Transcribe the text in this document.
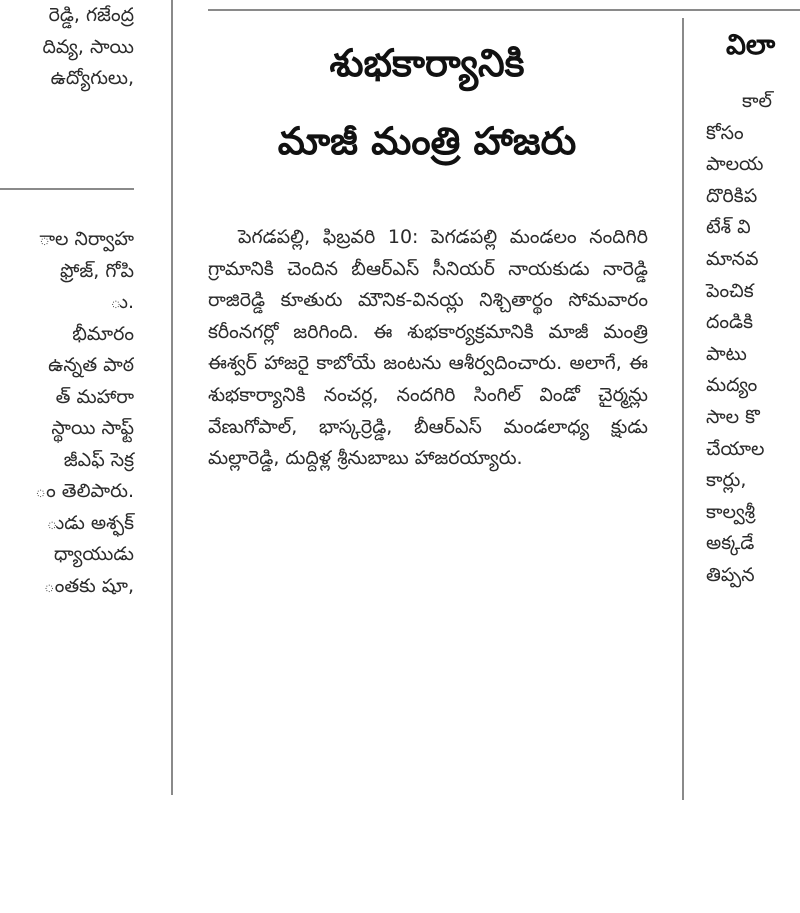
రెడ్డి, గజేంద్ర
దివ్య, సాయి
ఉద్యోగులు,
ాల నిర్వాహ
ఫ్రోజ్, గోపి
ు.
భీమారం
ఉన్నత పాఠ
త్ మహారా
స్థాయి సాఫ్ట్
జీఎఫ్ సెక్ర
ం తెలిపారు.
ుడు అశ్ఫక్
ధ్యాయుడు
ంతకు షూ,
శుభకార్యానికి
మాజీ మంత్రి హాజరు
పెగడపల్లి, ఫిబ్రవరి 10: పెగడపల్లి మండలం నందిగిరి గ్రామానికి చెందిన బీఆర్ఎస్ సీనియర్ నాయకుడు నారెడ్డి రాజిరెడ్డి కూతురు మౌనిక-వినయ్ల నిశ్చితార్థం సోమవారం కరీంనగర్లో జరిగింది. ఈ శుభకార్యక్రమానికి మాజీ మంత్రి ఈశ్వర్ హాజరై కాబోయే జంటను ఆశీర్వదించారు. అలాగే, ఈ శుభకార్యానికి నంచర్ల, నందగిరి సింగిల్ విండో చైర్మన్లు వేణుగోపాల్, భాస్కర్రెడ్డి, బీఆర్ఎస్ మండలాధ్య క్షుడు మల్లారెడ్డి, దుద్దిళ్ల శ్రీనుబాబు హాజరయ్యారు.
విలా
కాల్
కోసం
పాలయ
దొరికిప
టేశ్ వి
మానవ
పెంచిక
దండికి
పాటు
మద్యం
సాల కొ
చేయాల
కార్లు,
కాల్వశ్రీ
అక్కడే
తిప్పన
